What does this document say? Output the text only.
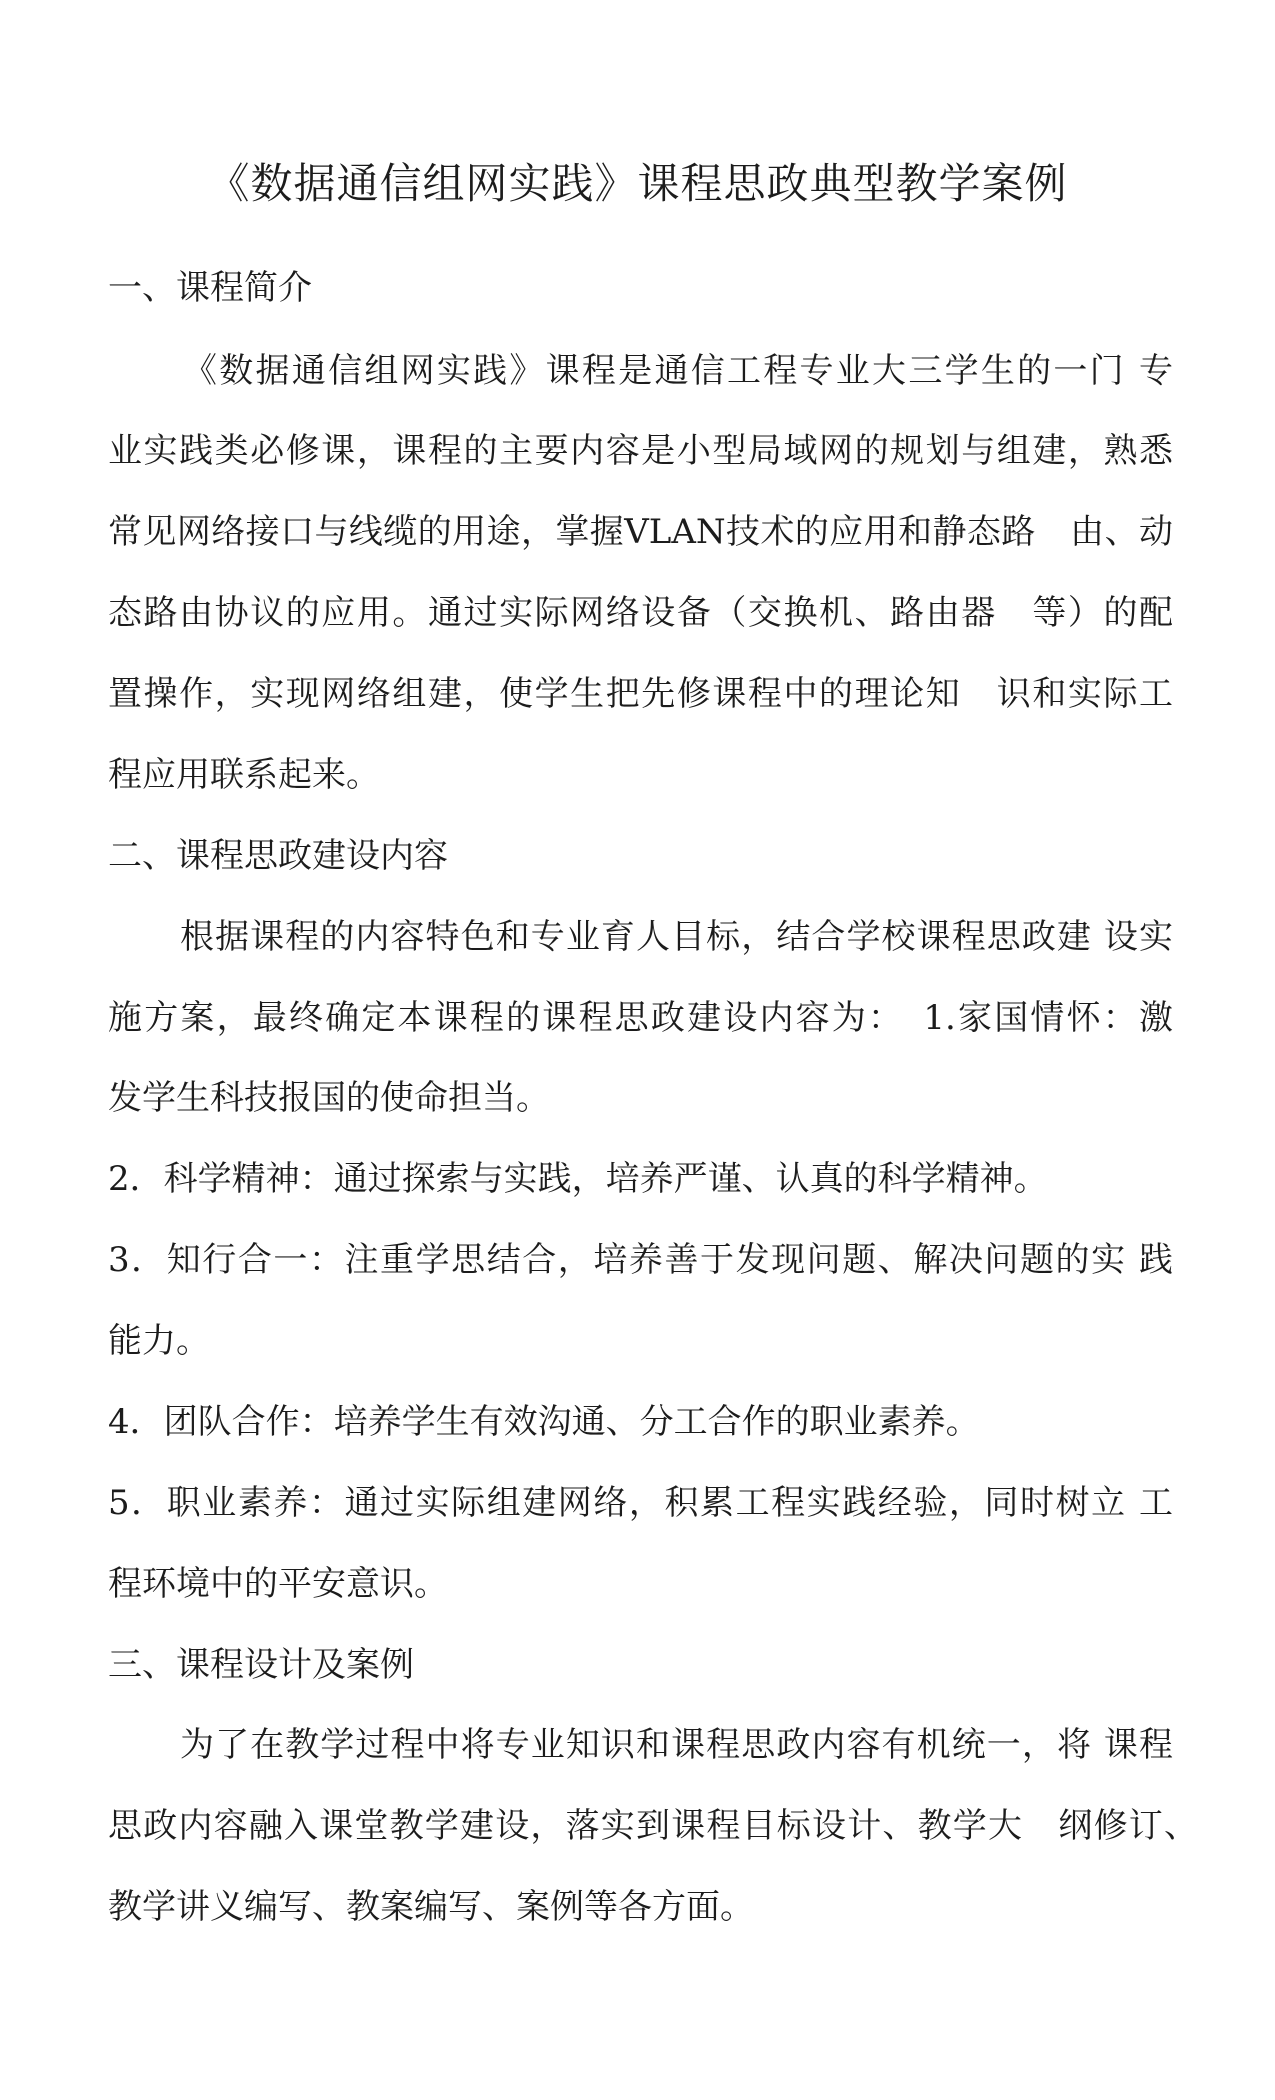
《数据通信组网实践》课程思政典型教学案例
一、课程简介
《数据通信组网实践》课程是通信工程专业大三学生的一门 专
业实践类必修课，课程的主要内容是小型局域网的规划与组建，熟悉
常见网络接口与线缆的用途，掌握VLAN技术的应用和静态路　由、动
态路由协议的应用。通过实际网络设备（交换机、路由器　等）的配
置操作，实现网络组建，使学生把先修课程中的理论知　识和实际工
程应用联系起来。
二、课程思政建设内容
根据课程的内容特色和专业育人目标，结合学校课程思政建 设实
施方案，最终确定本课程的课程思政建设内容为：　1.家国情怀：激
发学生科技报国的使命担当。
2．科学精神：通过探索与实践，培养严谨、认真的科学精神。
3．知行合一：注重学思结合，培养善于发现问题、解决问题的实 践
能力。
4．团队合作：培养学生有效沟通、分工合作的职业素养。
5．职业素养：通过实际组建网络，积累工程实践经验，同时树立 工
程环境中的平安意识。
三、课程设计及案例
为了在教学过程中将专业知识和课程思政内容有机统一，将 课程
思政内容融入课堂教学建设，落实到课程目标设计、教学大　纲修订、
教学讲义编写、教案编写、案例等各方面。
